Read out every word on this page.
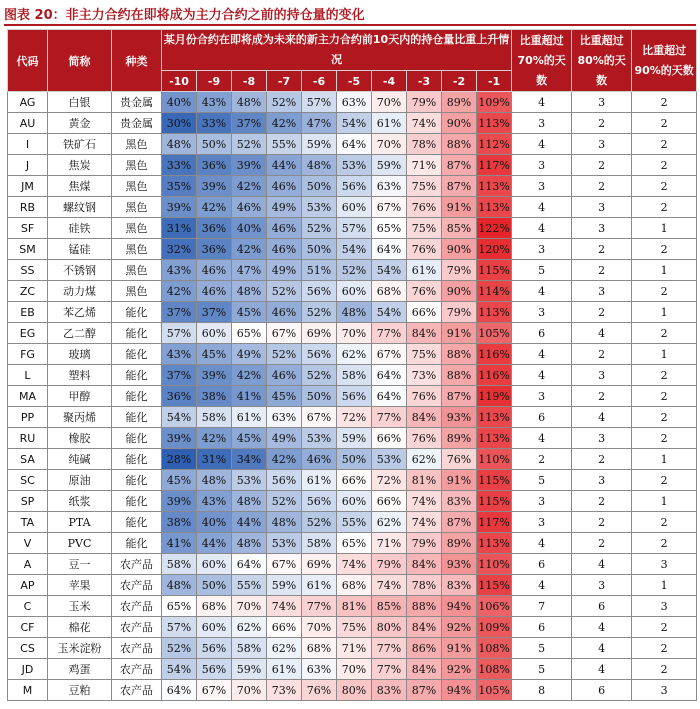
图表 20：非主力合约在即将成为主力合约之前的持仓量的变化
代码	简称	种类	某月份合约在即将成为未来的新主力合约前10天内的持仓量比重上升情况										比重超过 70%的天数	比重超过 80%的天数	比重超过 90%的天数
			-10	-9	-8	-7	-6	-5	-4	-3	-2	-1			
AG	白银	贵金属	40%	43%	48%	52%	57%	63%	70%	79%	89%	109%	4	3	2
AU	黄金	贵金属	30%	33%	37%	42%	47%	54%	61%	74%	90%	113%	3	2	2
I	铁矿石	黑色	48%	50%	52%	55%	59%	64%	70%	78%	88%	112%	4	3	2
J	焦炭	黑色	33%	36%	39%	44%	48%	53%	59%	71%	87%	117%	3	2	2
JM	焦煤	黑色	35%	39%	42%	46%	50%	56%	63%	75%	87%	113%	3	2	2
RB	螺纹钢	黑色	39%	42%	46%	49%	53%	60%	67%	76%	91%	113%	4	3	2
SF	硅铁	黑色	31%	36%	40%	46%	52%	57%	65%	75%	85%	122%	4	3	1
SM	锰硅	黑色	32%	36%	42%	46%	50%	54%	64%	76%	90%	120%	3	2	2
SS	不锈钢	黑色	43%	46%	47%	49%	51%	52%	54%	61%	79%	115%	5	2	1
ZC	动力煤	黑色	42%	46%	48%	52%	56%	60%	68%	76%	90%	114%	4	3	2
EB	苯乙烯	能化	37%	37%	45%	46%	52%	48%	54%	66%	79%	113%	3	2	1
EG	乙二醇	能化	57%	60%	65%	67%	69%	70%	77%	84%	91%	105%	6	4	2
FG	玻璃	能化	43%	45%	49%	52%	56%	62%	67%	75%	88%	116%	4	2	1
L	塑料	能化	37%	39%	42%	46%	52%	58%	64%	73%	88%	116%	4	3	2
MA	甲醇	能化	36%	38%	41%	45%	50%	56%	64%	76%	87%	119%	3	2	2
PP	聚丙烯	能化	54%	58%	61%	63%	67%	72%	77%	84%	93%	113%	6	4	2
RU	橡胶	能化	39%	42%	45%	49%	53%	59%	66%	76%	89%	113%	4	3	2
SA	纯碱	能化	28%	31%	34%	42%	46%	50%	53%	62%	76%	110%	2	2	1
SC	原油	能化	45%	48%	53%	56%	61%	66%	72%	81%	91%	115%	5	3	2
SP	纸浆	能化	39%	43%	48%	52%	56%	60%	66%	74%	83%	115%	3	2	1
TA	PTA	能化	38%	40%	44%	48%	52%	55%	62%	74%	87%	117%	3	2	2
V	PVC	能化	41%	44%	48%	53%	58%	65%	71%	79%	89%	113%	4	2	2
A	豆一	农产品	58%	60%	64%	67%	69%	74%	79%	84%	93%	110%	6	4	3
AP	苹果	农产品	48%	50%	55%	59%	61%	68%	74%	78%	83%	115%	4	3	1
C	玉米	农产品	65%	68%	70%	74%	77%	81%	85%	88%	94%	106%	7	6	3
CF	棉花	农产品	57%	60%	62%	66%	70%	75%	80%	84%	92%	109%	6	4	2
CS	玉米淀粉	农产品	52%	56%	58%	62%	68%	71%	77%	86%	91%	108%	5	4	2
JD	鸡蛋	农产品	54%	56%	59%	61%	63%	70%	77%	84%	92%	108%	5	4	2
M	豆粕	农产品	64%	67%	70%	73%	76%	80%	83%	87%	94%	105%	8	6	3
